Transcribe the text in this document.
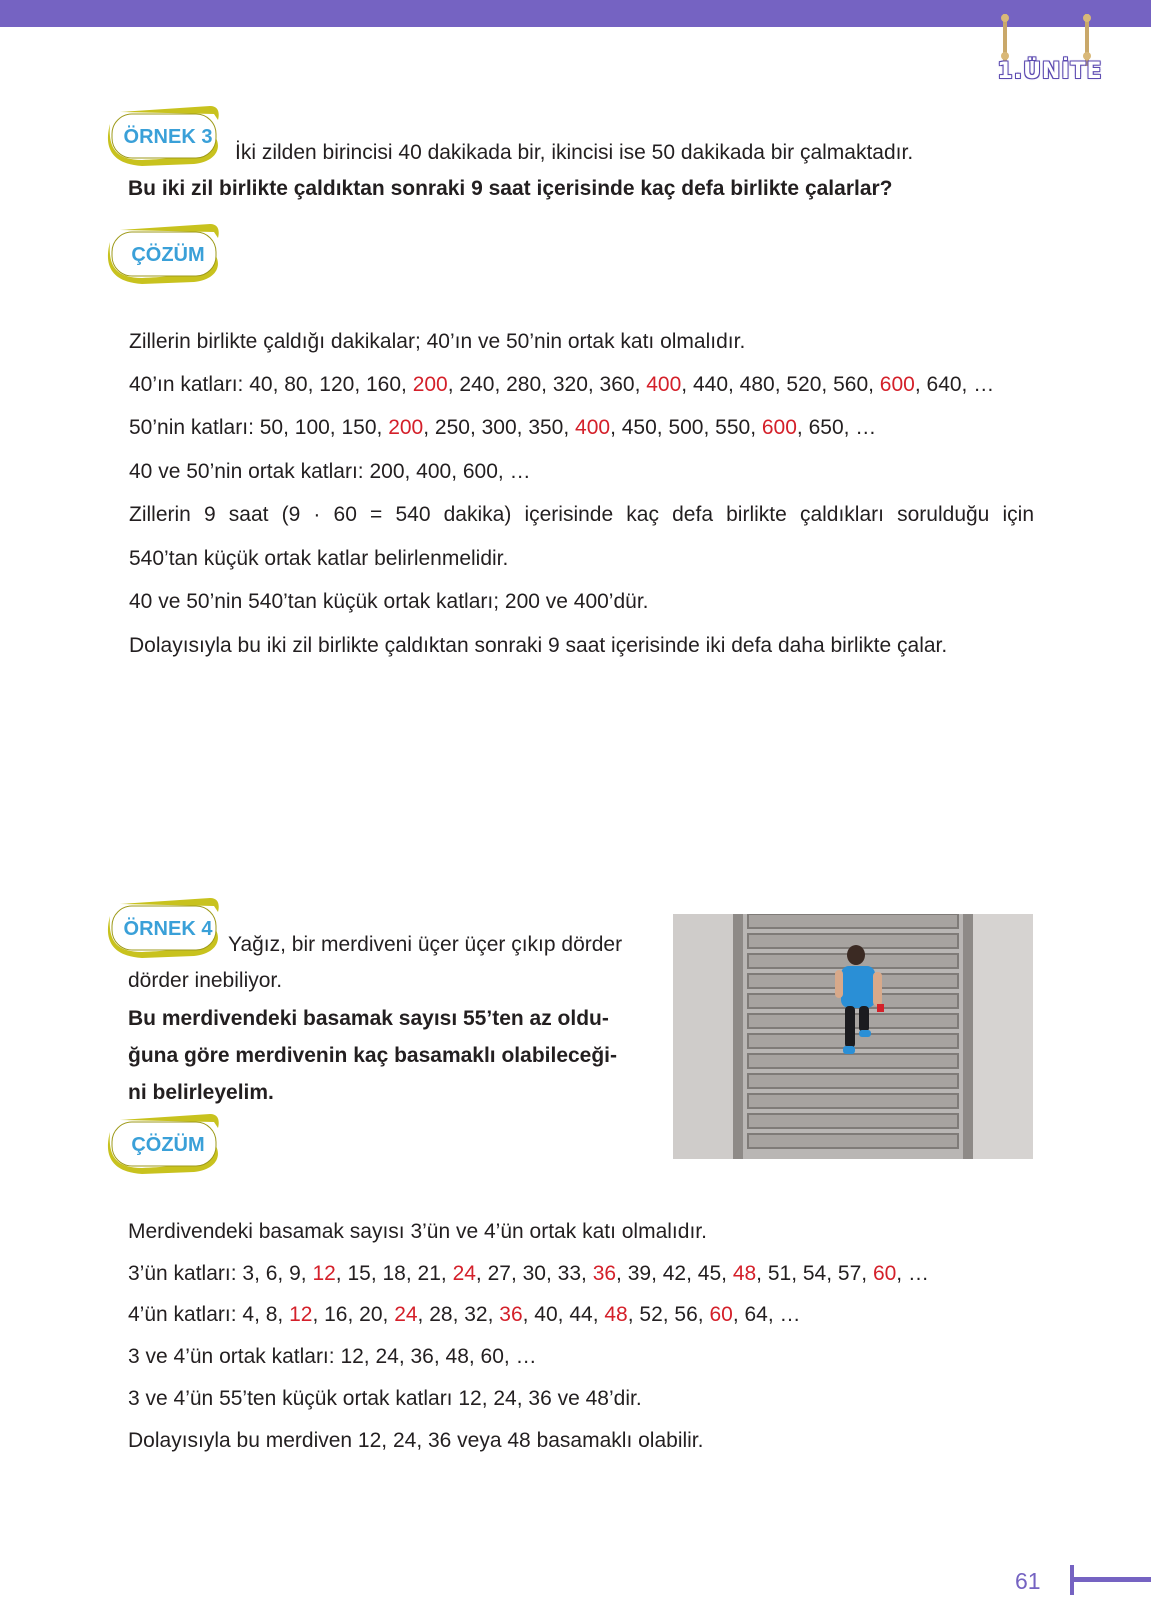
1.ÜNİTE
ÖRNEK 3
İki zilden birincisi 40 dakikada bir, ikincisi ise 50 dakikada bir çalmaktadır.
Bu iki zil birlikte çaldıktan sonraki 9 saat içerisinde kaç defa birlikte çalarlar?
ÇÖZÜM
Zillerin birlikte çaldığı dakikalar; 40’ın ve 50’nin ortak katı olmalıdır.
40’ın katları: 40, 80, 120, 160, 200, 240, 280, 320, 360, 400, 440, 480, 520, 560, 600, 640, …
50’nin katları: 50, 100, 150, 200, 250, 300, 350, 400, 450, 500, 550, 600, 650, …
40 ve 50’nin ortak katları: 200, 400, 600, …
Zillerin 9 saat (9 · 60 = 540 dakika) içerisinde kaç defa birlikte çaldıkları sorulduğu için
540’tan küçük ortak katlar belirlenmelidir.
40 ve 50’nin 540’tan küçük ortak katları; 200 ve 400’dür.
Dolayısıyla bu iki zil birlikte çaldıktan sonraki 9 saat içerisinde iki defa daha birlikte çalar.
ÖRNEK 4
Yağız, bir merdiveni üçer üçer çıkıp dörder
dörder inebiliyor.
Bu merdivendeki basamak sayısı 55’ten az oldu-
ğuna göre merdivenin kaç basamaklı olabileceği-
ni belirleyelim.
ÇÖZÜM
Merdivendeki basamak sayısı 3’ün ve 4’ün ortak katı olmalıdır.
3’ün katları: 3, 6, 9, 12, 15, 18, 21, 24, 27, 30, 33, 36, 39, 42, 45, 48, 51, 54, 57, 60, …
4’ün katları: 4, 8, 12, 16, 20, 24, 28, 32, 36, 40, 44, 48, 52, 56, 60, 64, …
3 ve 4’ün ortak katları: 12, 24, 36, 48, 60, …
3 ve 4’ün 55’ten küçük ortak katları 12, 24, 36 ve 48’dir.
Dolayısıyla bu merdiven 12, 24, 36 veya 48 basamaklı olabilir.
61
